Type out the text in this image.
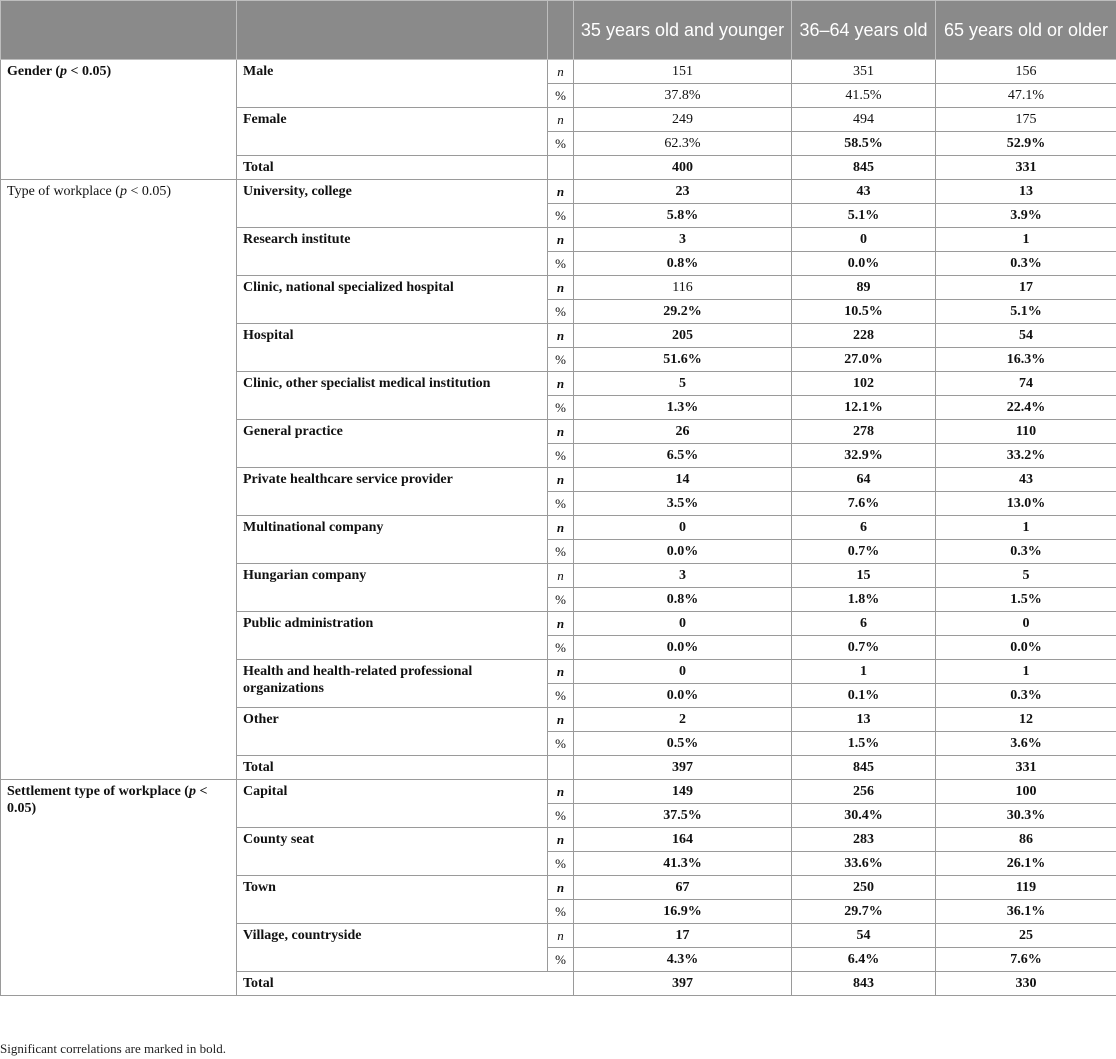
			35 years old and younger	36–64 years old	65 years old or older
Gender (p < 0.05)	Male	n	151	351	156
		%	37.8%	41.5%	47.1%
	Female	n	249	494	175
		%	62.3%	58.5%	52.9%
	Total		400	845	331
Type of workplace (p < 0.05)	University, college	n	23	43	13
		%	5.8%	5.1%	3.9%
	Research institute	n	3	0	1
		%	0.8%	0.0%	0.3%
	Clinic, national specialized hospital	n	116	89	17
		%	29.2%	10.5%	5.1%
	Hospital	n	205	228	54
		%	51.6%	27.0%	16.3%
	Clinic, other specialist medical institution	n	5	102	74
		%	1.3%	12.1%	22.4%
	General practice	n	26	278	110
		%	6.5%	32.9%	33.2%
	Private healthcare service provider	n	14	64	43
		%	3.5%	7.6%	13.0%
	Multinational company	n	0	6	1
		%	0.0%	0.7%	0.3%
	Hungarian company	n	3	15	5
		%	0.8%	1.8%	1.5%
	Public administration	n	0	6	0
		%	0.0%	0.7%	0.0%
	Health and health-related professional organizations	n	0	1	1
		%	0.0%	0.1%	0.3%
	Other	n	2	13	12
		%	0.5%	1.5%	3.6%
	Total		397	845	331
Settlement type of workplace (p < 0.05)	Capital	n	149	256	100
		%	37.5%	30.4%	30.3%
	County seat	n	164	283	86
		%	41.3%	33.6%	26.1%
	Town	n	67	250	119
		%	16.9%	29.7%	36.1%
	Village, countryside	n	17	54	25
		%	4.3%	6.4%	7.6%
	Total		397	843	330
Significant correlations are marked in bold.
